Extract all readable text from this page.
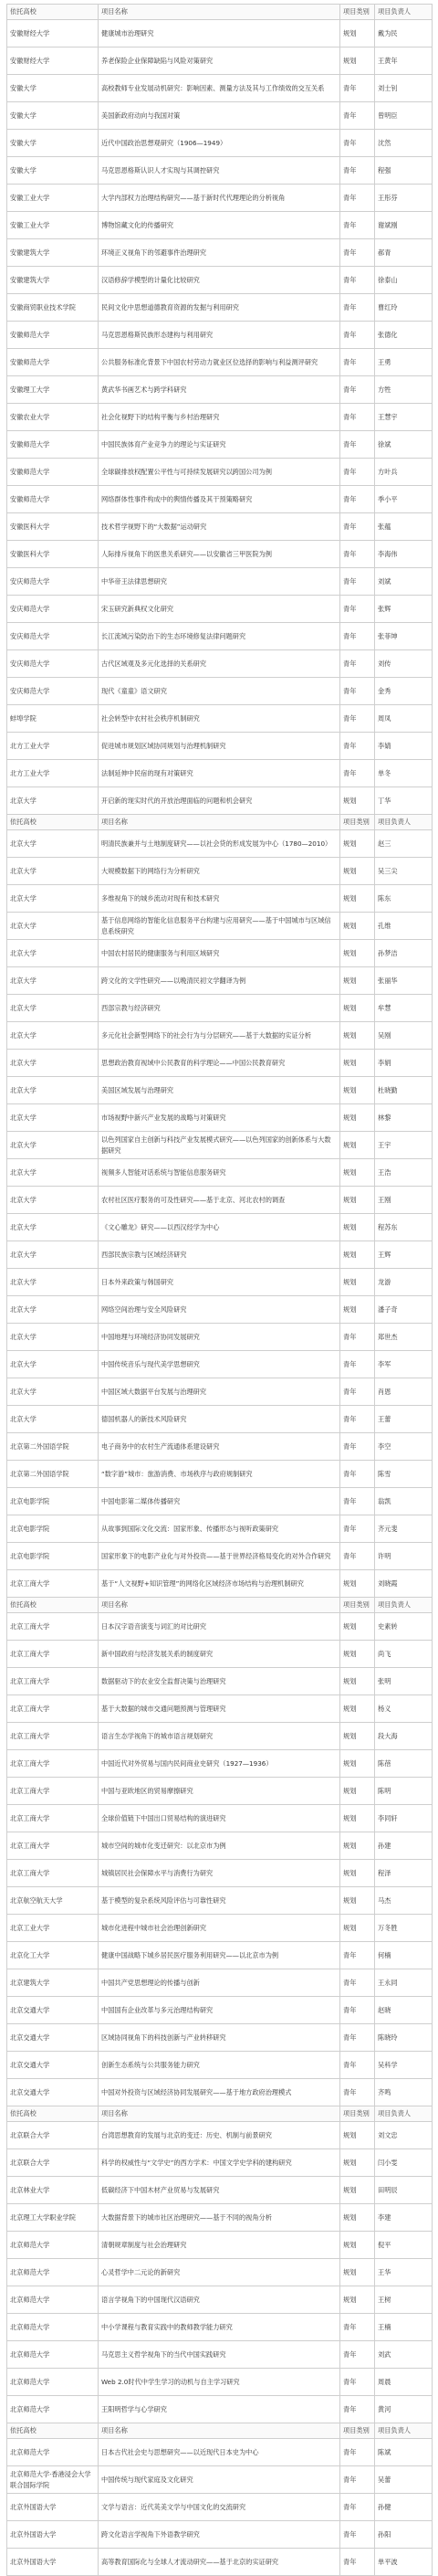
依托高校	项目名称	项目类别	项目负责人
安徽财经大学	健康城市治理研究	规划	戴为民
安徽财经大学	养老保险企业保障缺陷与风险对策研究	规划	王黄年
安徽大学	高校教师专业发展动机研究：影响因素、测量方法及其与工作绩效的交互关系	青年	刘士钊
安徽大学	美国新政府动向与我国对策	青年	曾明臣
安徽大学	近代中国政治思想观研究（1906—1949）	青年	沈然
安徽大学	马克思恩格斯认识人才实现与其调控研究	青年	程强
安徽工业大学	大学内部权力治理结构研究——基于新时代代理理论的分析视角	青年	王彤芬
安徽工业大学	博物馆藏文化的传播研究	青年	谢斌刚
安徽建筑大学	环境正义视角下的邻避事件治理研究	青年	郝青
安徽建筑大学	汉语修辞学模型的计量化比较研究	青年	徐泰山
安徽商贸职业技术学院	民间文化中思想道德教育资源的发掘与利用研究	青年	曹红玲
安徽师范大学	马克思恩格斯民族形态建构与利用研究	青年	张德化
安徽师范大学	公共服务标准化背景下中国农村劳动力就业区位选择的影响与利益测评研究	青年	王勇
安徽理工大学	黄武华书画艺术与跨学科研究	青年	方牲
安徽农业大学	社会化视野下的结构平衡与乡村治理研究	青年	王慧宇
安徽师范大学	中国民族体育产业竞争力的理论与实证研究	青年	徐斌
安徽师范大学	全球碳排放权配置公平性与可持续发展研究以跨国公司为例	青年	方叶兵
安徽师范大学	网络群体性事件构成中的舆情传播及其干预策略研究	青年	季小平
安徽医科大学	技术哲学视野下的“大数据”运动研究	青年	张蕴
安徽医科大学	人际排斥视角下的医患关系研究——以安徽省三甲医院为例	青年	李海伟
安庆师范大学	中华帝王法律思想研究	青年	刘斌
安庆师范大学	宋玉研究新典权文化研究	青年	张辉
安庆师范大学	长江流域污染防治下的生态环境修复法律问题研究	青年	张菲坤
安庆师范大学	古代区域观及多元化选择的关系研究	青年	刘传
安庆师范大学	现代《童童》语文研究	青年	金秀
蚌埠学院	社会转型中农村社会秩序机制研究	青年	周凤
北方工业大学	促进城市规划区域协同规划与治理机制研究	青年	李婧
北方工业大学	法制延伸中民宿的现有对策研究	青年	单冬
北京大学	开启新的现实时代的开放治理面临的问题和机会研究	规划	丁华
依托高校	项目名称	项目类别	项目负责人
北京大学	明清民族兼并与土地制度研究——以社会贷的形成发展为中心（1780—2010）	规划	赵三
北京大学	大规模数据下的网络行为分析研究	规划	吴三尖
北京大学	多维视角下的城乡流动对现有和技术研究	规划	陈东
北京大学	基于信息网络的智能化信息服务平台构建与应用研究——基于中国城市与区域信息系统研究	规划	孔维
北京大学	中国农村居民的健康服务与利用区域研究	规划	孙梦洁
北京大学	跨文化的文学性研究——以晚清民初文学翻译为例	规划	张丽华
北京大学	西部宗教与经济研究	规划	牟慧
北京大学	多元化社会新型网络下的社会行为与分层研究——基于大数据的实证分析	规划	吴刚
北京大学	思想政治教育视域中公民教育的科学理论——中国公民教育研究	规划	李娟
北京大学	美国区域发展与治理研究	规划	杜晓勤
北京大学	市场视野中新兴产业发展的战略与对策研究	规划	林黎
北京大学	以色列国家自主创新与科技产业发展模式研究——以色列国家的创新体系与大数据研究	规划	王宇
北京大学	视频多人智能对话系统与智能信息服务研究	规划	王浩
北京大学	农村社区医疗服务的可及性研究——基于北京、河北农村的调查	规划	王刚
北京大学	《文心雕龙》研究——以西汉经学为中心	规划	程苏东
北京大学	西部民族宗教与区域经济研究	规划	王辉
北京大学	日本外来政策与韩国研究	规划	龙游
北京大学	网络空间治理与安全风险研究	规划	潘子奇
北京大学	中国地理与环境经济协同发展研究	青年	郑世杰
北京大学	中国传统音乐与现代美学思想研究	青年	李军
北京大学	中国区域大数据平台发展与治理研究	青年	肖恩
北京大学	德国机器人的新技术风险研究	青年	王蕾
北京第二外国语学院	电子商务中的农村生产流通体系建设研究	青年	李空
北京第二外国语学院	“数字游”城市：旅游消费、市场秩序与政府规制研究	青年	陈雪
北京电影学院	中国电影第二媒体传播研究	青年	翁凯
北京电影学院	从故事到国际文化交流：国家形象、传播形态与视听政策研究	青年	齐元斐
北京电影学院	国家形象下的电影产业化与对外投资——基于世界经济格局变化的对外合作研究	青年	许明
北京工商大学	基于“人文视野+知识管理”的网络化区域经济市场结构与治理机制研究	规划	刘晓霞
依托高校	项目名称	项目类别	项目负责人
北京工商大学	日本汉字语音演变与词汇的对比研究	规划	史素转
北京工商大学	新中国政府与经济发展关系的制度研究	规划	尚飞
北京工商大学	数据驱动下的农业安全监督决策与治理研究	规划	张明
北京工商大学	基于大数据的城市交通问题预测与管理研究	规划	杨义
北京工商大学	语言生态学视角下的城市语言规划研究	规划	段大海
北京工商大学	中国近代对外贸易与国内民间商业史研究（1927—1936）	规划	陈蓓
北京工商大学	中国与亚欧地区的贸易摩擦研究	规划	陈明
北京工商大学	全球价值链下中国出口贸易结构的演进研究	规划	李同轩
北京工商大学	城市空间的城市化变迁研究：以北京市为例	规划	孙建
北京工商大学	城镇居民社会保障水平与消费行为研究	规划	程泽
北京航空航天大学	基于模型的复杂系统风险评估与可靠性研究	规划	马杰
北京工业大学	城市化进程中城市社会治理创新研究	规划	万冬胜
北京化工大学	健康中国战略下城乡居民医疗服务利用研究——以北京市为例	青年	何楠
北京建筑大学	中国共产党思想理论的传播与创新	青年	王永同
北京交通大学	中国国有企业改革与多元治理结构研究	青年	赵晓
北京交通大学	区域协同视角下的科技创新与产业转移研究	青年	陈晓玲
北京交通大学	创新生态系统与公共服务能力研究	青年	吴科学
北京交通大学	中国对外投资与区域经济协同发展研究——基于地方政府治理模式	青年	齐鸣
依托高校	项目名称	项目类别	项目负责人
北京联合大学	台湾思想教育的发展与北京的变迁：历史、机制与前景研究	规划	刘文忠
北京联合大学	科学的权威性与“文学史”的西方学术：中国文学史学科的建构研究	规划	闫小雯
北京林业大学	低碳经济下中国木材产业贸易与发展研究	规划	田明辰
北京理工大学职业学院	大数据背景下的城市社区治理研究——基于不同的视角分析	规划	李建
北京师范大学	清朝规章制度与社会治理研究	规划	倪平
北京师范大学	心灵哲学中二元论的新研究	规划	王华
北京师范大学	语言学视角下的中国现代汉语研究	规划	王树
北京师范大学	中小学课程与教育实践中的教师教学能力研究	青年	王楠
北京师范大学	马克思主义哲学视角下的当代中国实践研究	青年	刘武
北京师范大学	Web 2.0时代中学生学习的动机与自主学习研究	青年	周晨
北京师范大学	王阳明哲学与心学研究	青年	黄河
依托高校	项目名称	项目类别	项目负责人
北京师范大学	日本古代社会史与思想研究——以近现代日本史为中心	青年	陈斌
北京师范大学·香港浸会大学联合国际学院	中国传统与现代家庭及文化研究	青年	吴蕾
北京外国语大学	文学与语言：近代英美文学与中国文化的交流研究	青年	孙健
北京外国语大学	跨文化语言学视角下外语教学研究	青年	孙阳
北京外国语大学	高等教育国际化与全球人才流动研究——基于北京的实证研究	青年	单平波
